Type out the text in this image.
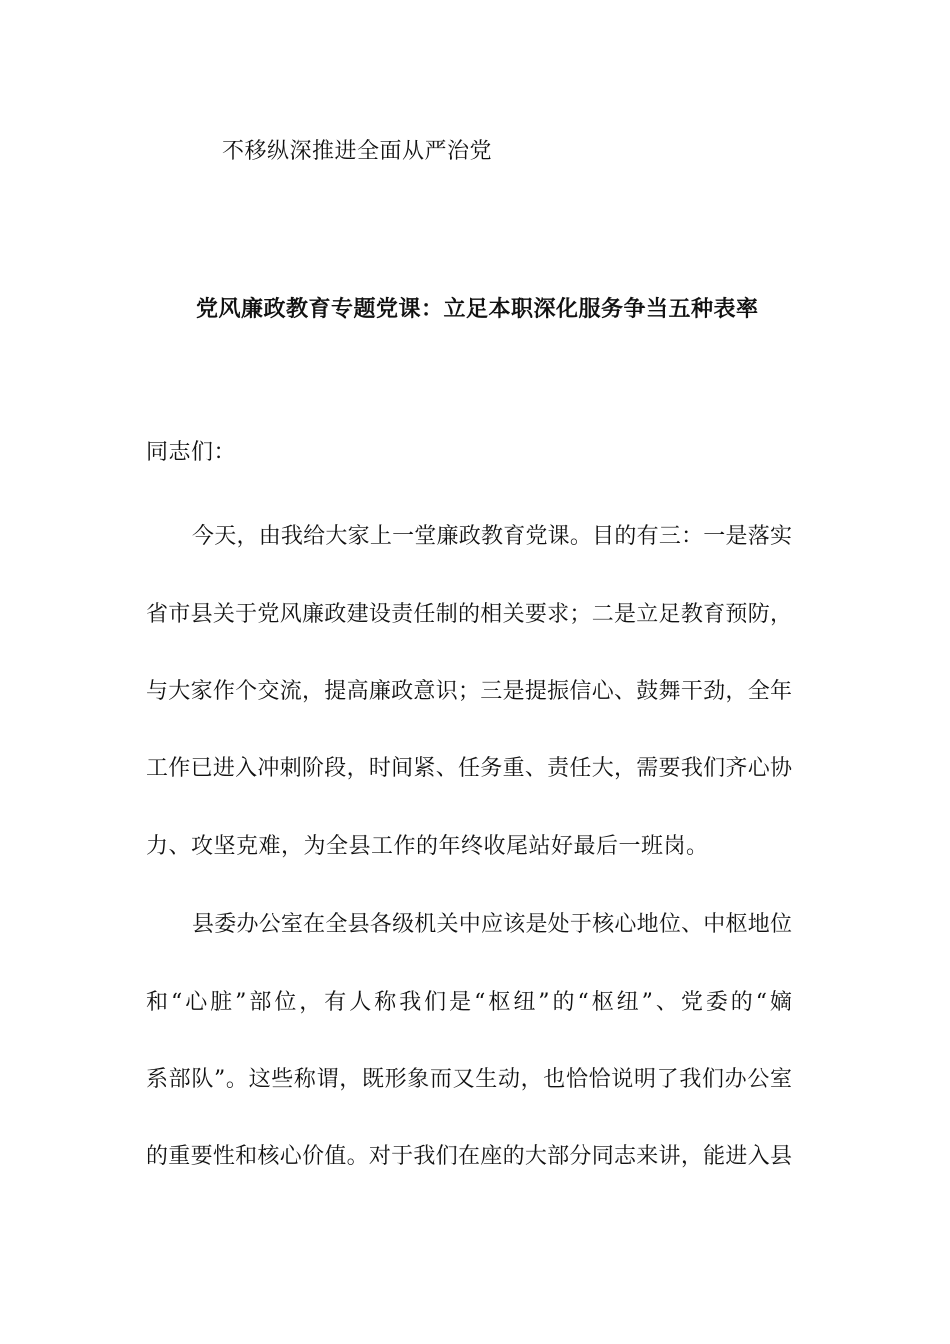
不移纵深推进全面从严治党
党风廉政教育专题党课：立足本职深化服务争当五种表率
同志们：
今天，由我给大家上一堂廉政教育党课。目的有三：一是落实
省市县关于党风廉政建设责任制的相关要求；二是立足教育预防，
与大家作个交流，提高廉政意识；三是提振信心、鼓舞干劲，全年
工作已进入冲刺阶段，时间紧、任务重、责任大，需要我们齐心协
力、攻坚克难，为全县工作的年终收尾站好最后一班岗。
县委办公室在全县各级机关中应该是处于核心地位、中枢地位
和“心脏”部位，有人称我们是“枢纽”的“枢纽”、党委的“嫡
系部队”。这些称谓，既形象而又生动，也恰恰说明了我们办公室
的重要性和核心价值。对于我们在座的大部分同志来讲，能进入县
